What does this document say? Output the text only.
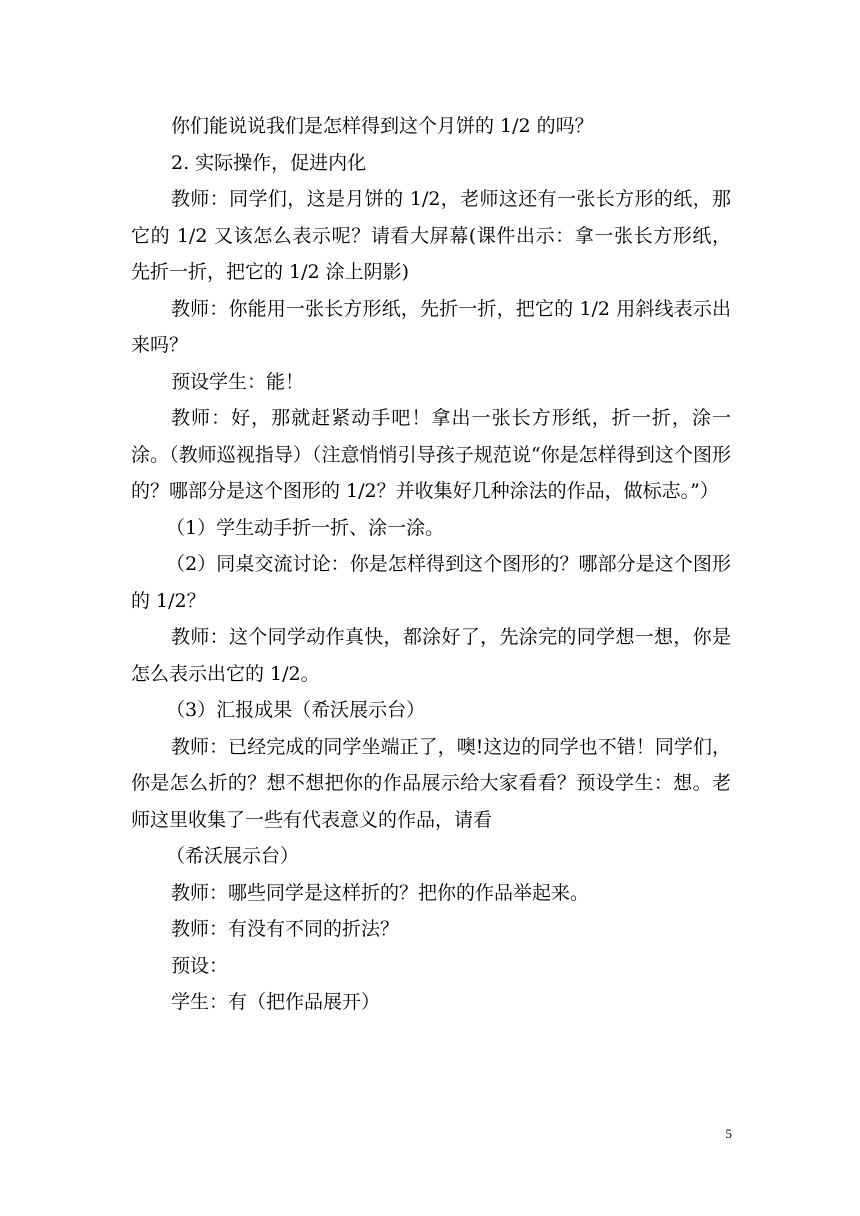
你们能说说我们是怎样得到这个月饼的 1/2 的吗？

2. 实际操作，促进内化

教师：同学们，这是月饼的 1/2，老师这还有一张长方形的纸，那它的 1/2 又该怎么表示呢？请看大屏幕(课件出示：拿一张长方形纸，先折一折，把它的 1/2 涂上阴影)

教师：你能用一张长方形纸，先折一折，把它的 1/2 用斜线表示出来吗？

预设学生：能！

教师：好，那就赶紧动手吧！拿出一张长方形纸，折一折，涂一涂。（教师巡视指导）（注意悄悄引导孩子规范说“你是怎样得到这个图形的？哪部分是这个图形的 1/2？并收集好几种涂法的作品，做标志。”）

（1）学生动手折一折、涂一涂。

（2）同桌交流讨论：你是怎样得到这个图形的？哪部分是这个图形的 1/2？

教师：这个同学动作真快，都涂好了，先涂完的同学想一想，你是怎么表示出它的 1/2。

（3）汇报成果（希沃展示台）

教师：已经完成的同学坐端正了，噢!这边的同学也不错！同学们，你是怎么折的？想不想把你的作品展示给大家看看？预设学生：想。老师这里收集了一些有代表意义的作品，请看

（希沃展示台）

教师：哪些同学是这样折的？把你的作品举起来。

教师：有没有不同的折法？

预设：

学生：有（把作品展开）

5
